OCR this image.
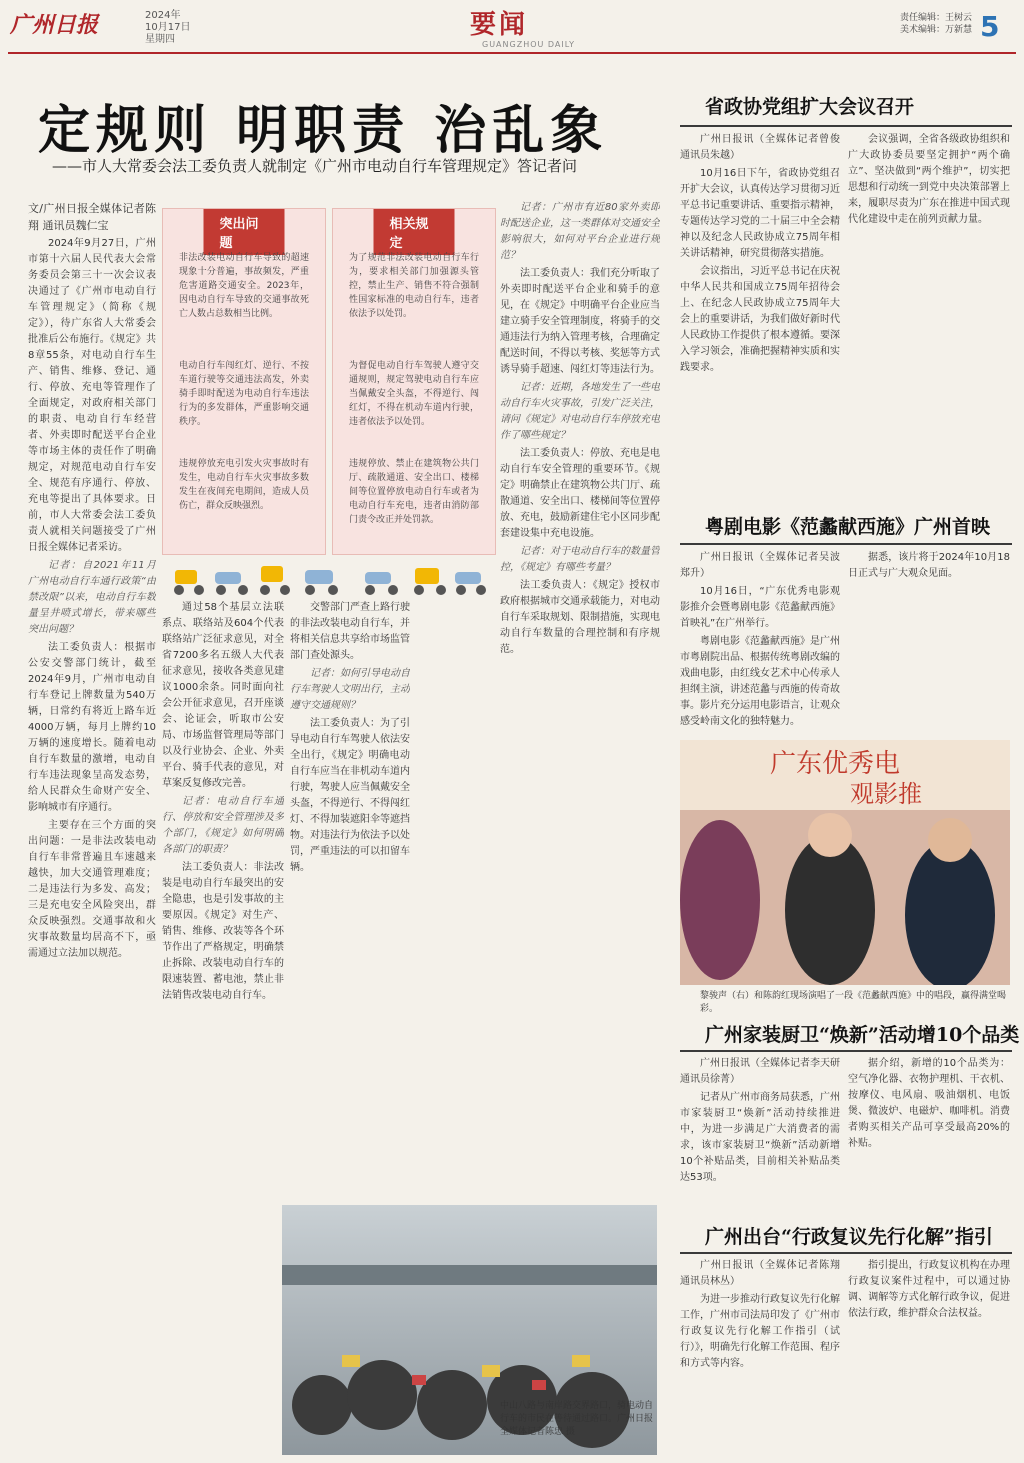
广州日报	2024年
10月17日
星期四	要闻
GUANGZHOU DAILY
责任编辑：王树云
美术编辑：万新慧 5
定规则 明职责 治乱象
——市人大常委会法工委负责人就制定《广州市电动自行车管理规定》答记者问

文/广州日报全媒体记者陈翔 通讯员魏仁宝

2024年9月27日，广州市第十六届人民代表大会常务委员会第三十一次会议表决通过了《广州市电动自行车管理规定》（简称《规定》），待广东省人大常委会批准后公布施行。《规定》共8章55条，对电动自行车生产、销售、维修、登记、通行、停放、充电等管理作了全面规定，对政府相关部门的职责、电动自行车经营者、外卖即时配送平台企业等市场主体的责任作了明确规定，对规范电动自行车安全、规范有序通行、停放、充电等提出了具体要求。日前，市人大常委会法工委负责人就相关问题接受了广州日报全媒体记者采访。

记者：自2021年11月广州电动自行车通行政策“由禁改限”以来，电动自行车数量呈井喷式增长，带来哪些突出问题？

法工委负责人：根据市公安交警部门统计，截至2024年9月，广州市电动自行车登记上牌数量为540万辆，日常约有将近上路车近4000万辆，每月上牌约10万辆的速度增长。随着电动自行车数量的激增，电动自行车违法现象呈高发态势，给人民群众生命财产安全、影响城市有序通行。

主要存在三个方面的突出问题：一是非法改装电动自行车非常普遍且车速越来越快，加大交通管理难度；二是违法行为多发、高发；三是充电安全风险突出，群众反映强烈。交通事故和火灾事故数量均居高不下，亟需通过立法加以规范。

突出问题
非法改装电动自行车导致的超速现象十分普遍，事故频发，严重危害道路交通安全。2023年，因电动自行车导致的交通事故死亡人数占总数相当比例。
电动自行车闯红灯、逆行、不按车道行驶等交通违法高发，外卖骑手即时配送为电动自行车违法行为的多发群体，严重影响交通秩序。
违规停放充电引发火灾事故时有发生，电动自行车火灾事故多数发生在夜间充电期间，造成人员伤亡，群众反映强烈。
相关规定
为了规范非法改装电动自行车行为，要求相关部门加强源头管控，禁止生产、销售不符合强制性国家标准的电动自行车，违者依法予以处罚。
为督促电动自行车驾驶人遵守交通规则，规定驾驶电动自行车应当佩戴安全头盔，不得逆行、闯红灯，不得在机动车道内行驶，违者依法予以处罚。
违规停放、禁止在建筑物公共门厅、疏散通道、安全出口、楼梯间等位置停放电动自行车或者为电动自行车充电，违者由消防部门责令改正并处罚款。

通过58个基层立法联系点、联络站及604个代表联络站广泛征求意见，对全省7200多名五级人大代表征求意见，接收各类意见建议1000余条。同时面向社会公开征求意见，召开座谈会、论证会，听取市公安局、市场监督管理局等部门以及行业协会、企业、外卖平台、骑手代表的意见，对草案反复修改完善。

记者：电动自行车通行、停放和安全管理涉及多个部门，《规定》如何明确各部门的职责？

法工委负责人：非法改装是电动自行车最突出的安全隐患，也是引发事故的主要原因。《规定》对生产、销售、维修、改装等各个环节作出了严格规定，明确禁止拆除、改装电动自行车的限速装置、蓄电池，禁止非法销售改装电动自行车。

交警部门严查上路行驶的非法改装电动自行车，并将相关信息共享给市场监管部门查处源头。

记者：如何引导电动自行车驾驶人文明出行，主动遵守交通规则？

法工委负责人：为了引导电动自行车驾驶人依法安全出行，《规定》明确电动自行车应当在非机动车道内行驶，驾驶人应当佩戴安全头盔，不得逆行、不得闯红灯、不得加装遮阳伞等遮挡物。对违法行为依法予以处罚，严重违法的可以扣留车辆。

记者：广州市有近80家外卖即时配送企业，这一类群体对交通安全影响很大，如何对平台企业进行规范？

法工委负责人：我们充分听取了外卖即时配送平台企业和骑手的意见，在《规定》中明确平台企业应当建立骑手安全管理制度，将骑手的交通违法行为纳入管理考核，合理确定配送时间，不得以考核、奖惩等方式诱导骑手超速、闯红灯等违法行为。

记者：近期，各地发生了一些电动自行车火灾事故，引发广泛关注，请问《规定》对电动自行车停放充电作了哪些规定？

法工委负责人：停放、充电是电动自行车安全管理的重要环节。《规定》明确禁止在建筑物公共门厅、疏散通道、安全出口、楼梯间等位置停放、充电，鼓励新建住宅小区同步配套建设集中充电设施。

记者：对于电动自行车的数量管控，《规定》有哪些考量？

法工委负责人：《规定》授权市政府根据城市交通承载能力，对电动自行车采取规划、限制措施，实现电动自行车数量的合理控制和有序规范。

中山八路与南岸路交界路口，骑电动自行车的市民在等待通过路口。广州日报全媒体记者陈忠 摄
省政协党组扩大会议召开

广州日报讯（全媒体记者曾俊 通讯员朱越）

10月16日下午，省政协党组召开扩大会议，认真传达学习贯彻习近平总书记重要讲话、重要指示精神，专题传达学习党的二十届三中全会精神以及纪念人民政协成立75周年相关讲话精神，研究贯彻落实措施。

会议指出，习近平总书记在庆祝中华人民共和国成立75周年招待会上、在纪念人民政协成立75周年大会上的重要讲话，为我们做好新时代人民政协工作提供了根本遵循。要深入学习领会，准确把握精神实质和实践要求。

会议强调，全省各级政协组织和广大政协委员要坚定拥护“两个确立”、坚决做到“两个维护”，切实把思想和行动统一到党中央决策部署上来，履职尽责为广东在推进中国式现代化建设中走在前列贡献力量。

粤剧电影《范蠡献西施》广州首映

广州日报讯（全媒体记者吴波 郑升）

10月16日，“广东优秀电影观影推介会暨粤剧电影《范蠡献西施》首映礼”在广州举行。

粤剧电影《范蠡献西施》是广州市粤剧院出品、根据传统粤剧改编的戏曲电影，由红线女艺术中心传承人担纲主演，讲述范蠡与西施的传奇故事。影片充分运用电影语言，让观众感受岭南文化的独特魅力。

据悉，该片将于2024年10月18日正式与广大观众见面。

广东优秀电
观影推
黎骏声（右）和陈韵红现场演唱了一段《范蠡献西施》中的唱段，赢得满堂喝彩。
广州家装厨卫“焕新”活动增10个品类

广州日报讯（全媒体记者李天研 通讯员徐菁）

记者从广州市商务局获悉，广州市家装厨卫“焕新”活动持续推进中，为进一步满足广大消费者的需求，该市家装厨卫“焕新”活动新增10个补贴品类，目前相关补贴品类达53项。

据介绍，新增的10个品类为：空气净化器、衣物护理机、干衣机、按摩仪、电风扇、吸油烟机、电饭煲、微波炉、电磁炉、咖啡机。消费者购买相关产品可享受最高20%的补贴。

广州出台“行政复议先行化解”指引

广州日报讯（全媒体记者陈翔 通讯员林丛）

为进一步推动行政复议先行化解工作，广州市司法局印发了《广州市行政复议先行化解工作指引（试行）》，明确先行化解工作范围、程序和方式等内容。

指引提出，行政复议机构在办理行政复议案件过程中，可以通过协调、调解等方式化解行政争议，促进依法行政，维护群众合法权益。
